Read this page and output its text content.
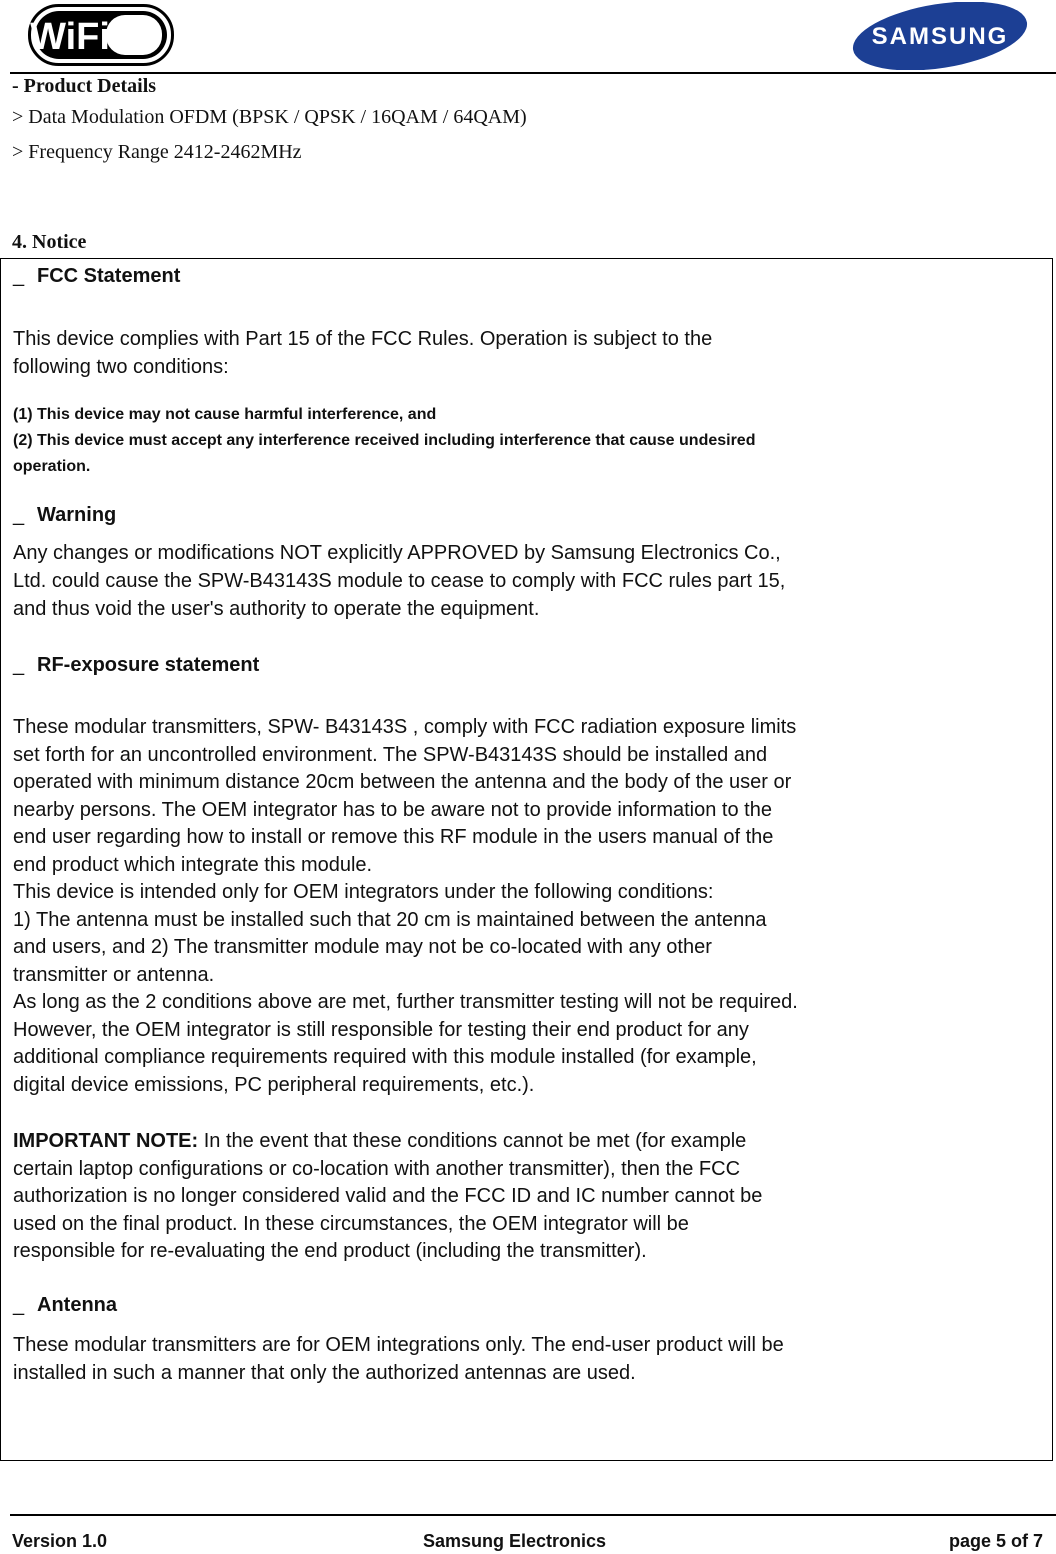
WiFi	SAMSUNG
- Product Details
> Data Modulation OFDM (BPSK / QPSK / 16QAM / 64QAM)
> Frequency Range 2412-2462MHz
4. Notice
_ FCC Statement
This device complies with Part 15 of the FCC Rules. Operation is subject to the
following two conditions:
(1) This device may not cause harmful interference, and
(2) This device must accept any interference received including interference that cause undesired
operation.
_ Warning
Any changes or modifications NOT explicitly APPROVED by Samsung Electronics Co.,
Ltd. could cause the SPW-B43143S module to cease to comply with FCC rules part 15,
and thus void the user's authority to operate the equipment.
_ RF-exposure statement
These modular transmitters, SPW- B43143S , comply with FCC radiation exposure limits
set forth for an uncontrolled environment. The SPW-B43143S should be installed and
operated with minimum distance 20cm between the antenna and the body of the user or
nearby persons. The OEM integrator has to be aware not to provide information to the
end user regarding how to install or remove this RF module in the users manual of the
end product which integrate this module.
This device is intended only for OEM integrators under the following conditions:
1) The antenna must be installed such that 20 cm is maintained between the antenna
and users, and 2) The transmitter module may not be co-located with any other
transmitter or antenna.
As long as the 2 conditions above are met, further transmitter testing will not be required.
However, the OEM integrator is still responsible for testing their end product for any
additional compliance requirements required with this module installed (for example,
digital device emissions, PC peripheral requirements, etc.).
IMPORTANT NOTE: In the event that these conditions cannot be met (for example
certain laptop configurations or co-location with another transmitter), then the FCC
authorization is no longer considered valid and the FCC ID and IC number cannot be
used on the final product. In these circumstances, the OEM integrator will be
responsible for re-evaluating the end product (including the transmitter).
_ Antenna
These modular transmitters are for OEM integrations only. The end-user product will be
installed in such a manner that only the authorized antennas are used.
Version 1.0	Samsung Electronics	page 5 of 7
